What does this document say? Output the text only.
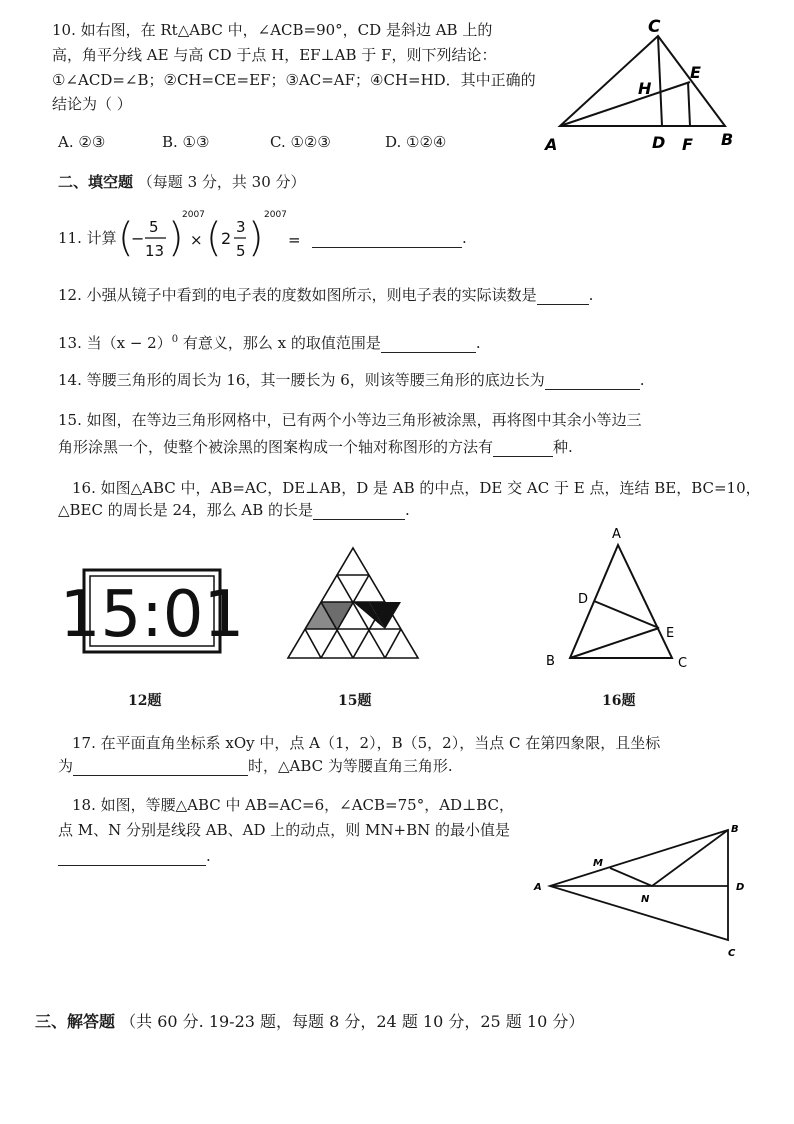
10. 如右图，在 Rt△ABC 中，∠ACB=90°，CD 是斜边 AB 上的
高，角平分线 AE 与高 CD 于点 H，EF⊥AB 于 F，则下列结论：
①∠ACD=∠B；②CH=CE=EF；③AC=AF；④CH=HD．其中正确的
结论为（ ）
A. ②③	B. ①③	C. ①②③	D. ①②④
C
H
E
A	D F B
二、填空题 （每题 3 分，共 30 分）
11. 计算 (
−
5
13 )
2007
× ( 2
3
5 ) 2007
=	.
12. 小强从镜子中看到的电子表的度数如图所示，则电子表的实际读数是	.
13. 当$(x - 2)^0$ 有意义，那么 x 的取值范围是	.
14. 等腰三角形的周长为 16，其一腰长为 6，则该等腰三角形的底边长为	.
15. 如图，在等边三角形网格中，已有两个小等边三角形被涂黑，再将图中其余小等边三
角形涂黑一个，使整个被涂黑的图案构成一个轴对称图形的方法有	种.
16. 如图△ABC 中，AB=AC，DE⊥AB，D 是 AB 的中点，DE 交 AC 于 E 点，连结 BE，BC=10，
△BEC 的周长是 24，那么 AB 的长是	.
15:01
A
D
E
B	C
12题	15题	16题
17. 在平面直角坐标系 xOy 中，点 A（1，2），B（5，2），当点 C 在第四象限，且坐标
为	时，△ABC 为等腰直角三角形.
18. 如图，等腰△ABC 中 AB=AC=6，∠ACB=75°，AD⊥BC，
点 M、N 分别是线段 AB、AD 上的动点，则 MN+BN 的最小值是
.
A
B
C
D
M
N
三、解答题 （共 60 分. 19-23 题，每题 8 分，24 题 10 分，25 题 10 分）
